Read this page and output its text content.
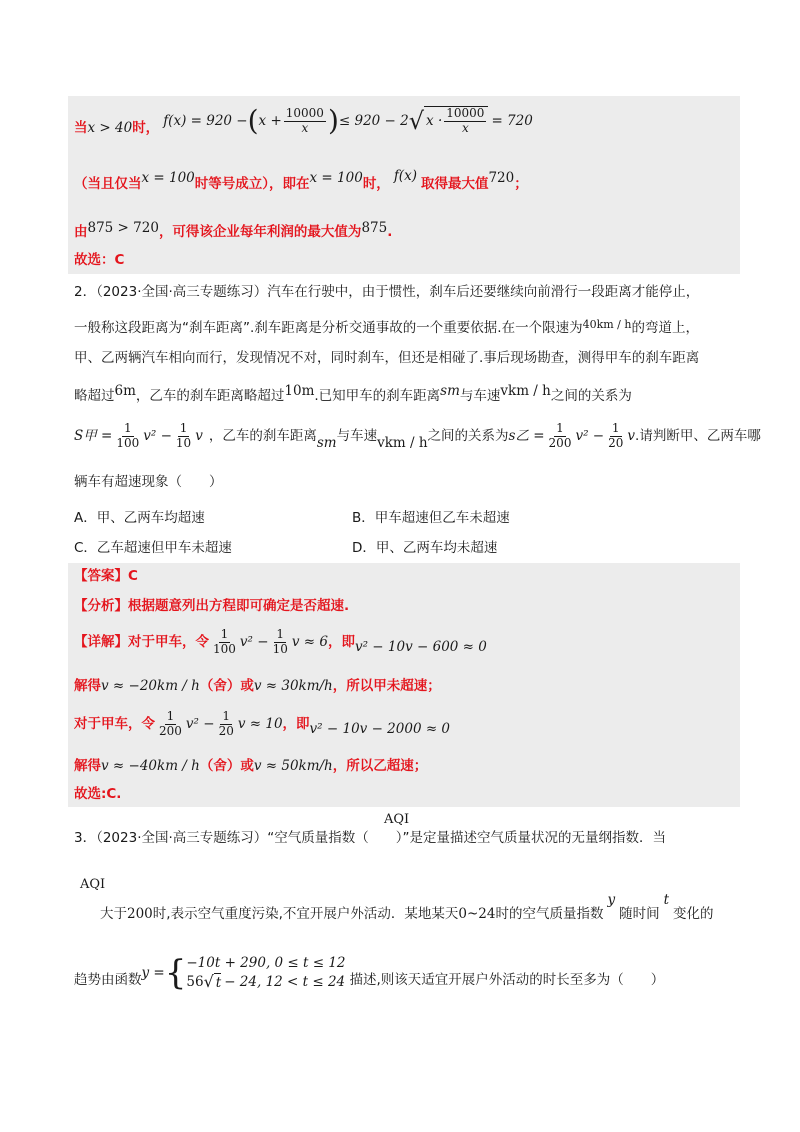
当 x > 40 时， f(x) = 920 − ( $x + \frac{10000}{x}$ ) ≤ 920 − 2 √ $x \cdot \frac{10000}{x} = 720$
（当且仅当 x = 100 时等号成立），即在 x = 100 时， f(x) 取得最大值 720 ；
由 875 > 720 ，可得该企业每年利润的最大值为 875 .
故选：C
2．（2023·全国·高三专题练习）汽车在行驶中，由于惯性，刹车后还要继续向前滑行一段距离才能停止，
一般称这段距离为“刹车距离”.刹车距离是分析交通事故的一个重要依据.在一个限速为 40km / h 的弯道上，
甲、乙两辆汽车相向而行，发现情况不对，同时刹车，但还是相碰了.事后现场勘查，测得甲车的刹车距离
略超过 6m ，乙车的刹车距离略超过 10m .已知甲车的刹车距离 sm 与车速 vkm / h 之间的关系为
S甲 = $\frac{1}{100} v^2 - \frac{1}{10}$ v ，乙车的刹车距离 sm 与车速 vkm / h 之间的关系为 s乙 = $\frac{1}{200} v^2 - \frac{1}{20}$ v .请判断甲、乙两车哪
辆车有超速现象（　　）
A．甲、乙两车均超速	B．甲车超速但乙车未超速
C．乙车超速但甲车未超速	D．甲、乙两车均未超速
【答案】C
【分析】根据题意列出方程即可确定是否超速.
【详解】对于甲车，令 $\frac{1}{100} v^2 - \frac{1}{10}$ v ≈ 6 ，即 v² − 10v − 600 ≈ 0
解得 v ≈ −20km / h （舍）或 v ≈ 30km/h ，所以甲未超速；
对于甲车，令 $\frac{1}{200} v^2 - \frac{1}{20}$ v ≈ 10 ，即 v² − 10v − 2000 ≈ 0
解得 v ≈ −40km / h （舍）或 v ≈ 50km/h ，所以乙超速；
故选:C.
AQI
3．（2023·全国·高三专题练习）“空气质量指数（　　）”是定量描述空气质量状况的无量纲指数．当
AQI
大于 200 时,表示空气重度污染,不宜开展户外活动．某地某天 0~24 时的空气质量指数
y
随时间
t
变化的
趋势由函数 y = { −10t + 290, 0 ≤ t ≤ 12
56 √ t − 24, 12 < t ≤ 24 描述,则该天适宜开展户外活动的时长至多为（　　）
